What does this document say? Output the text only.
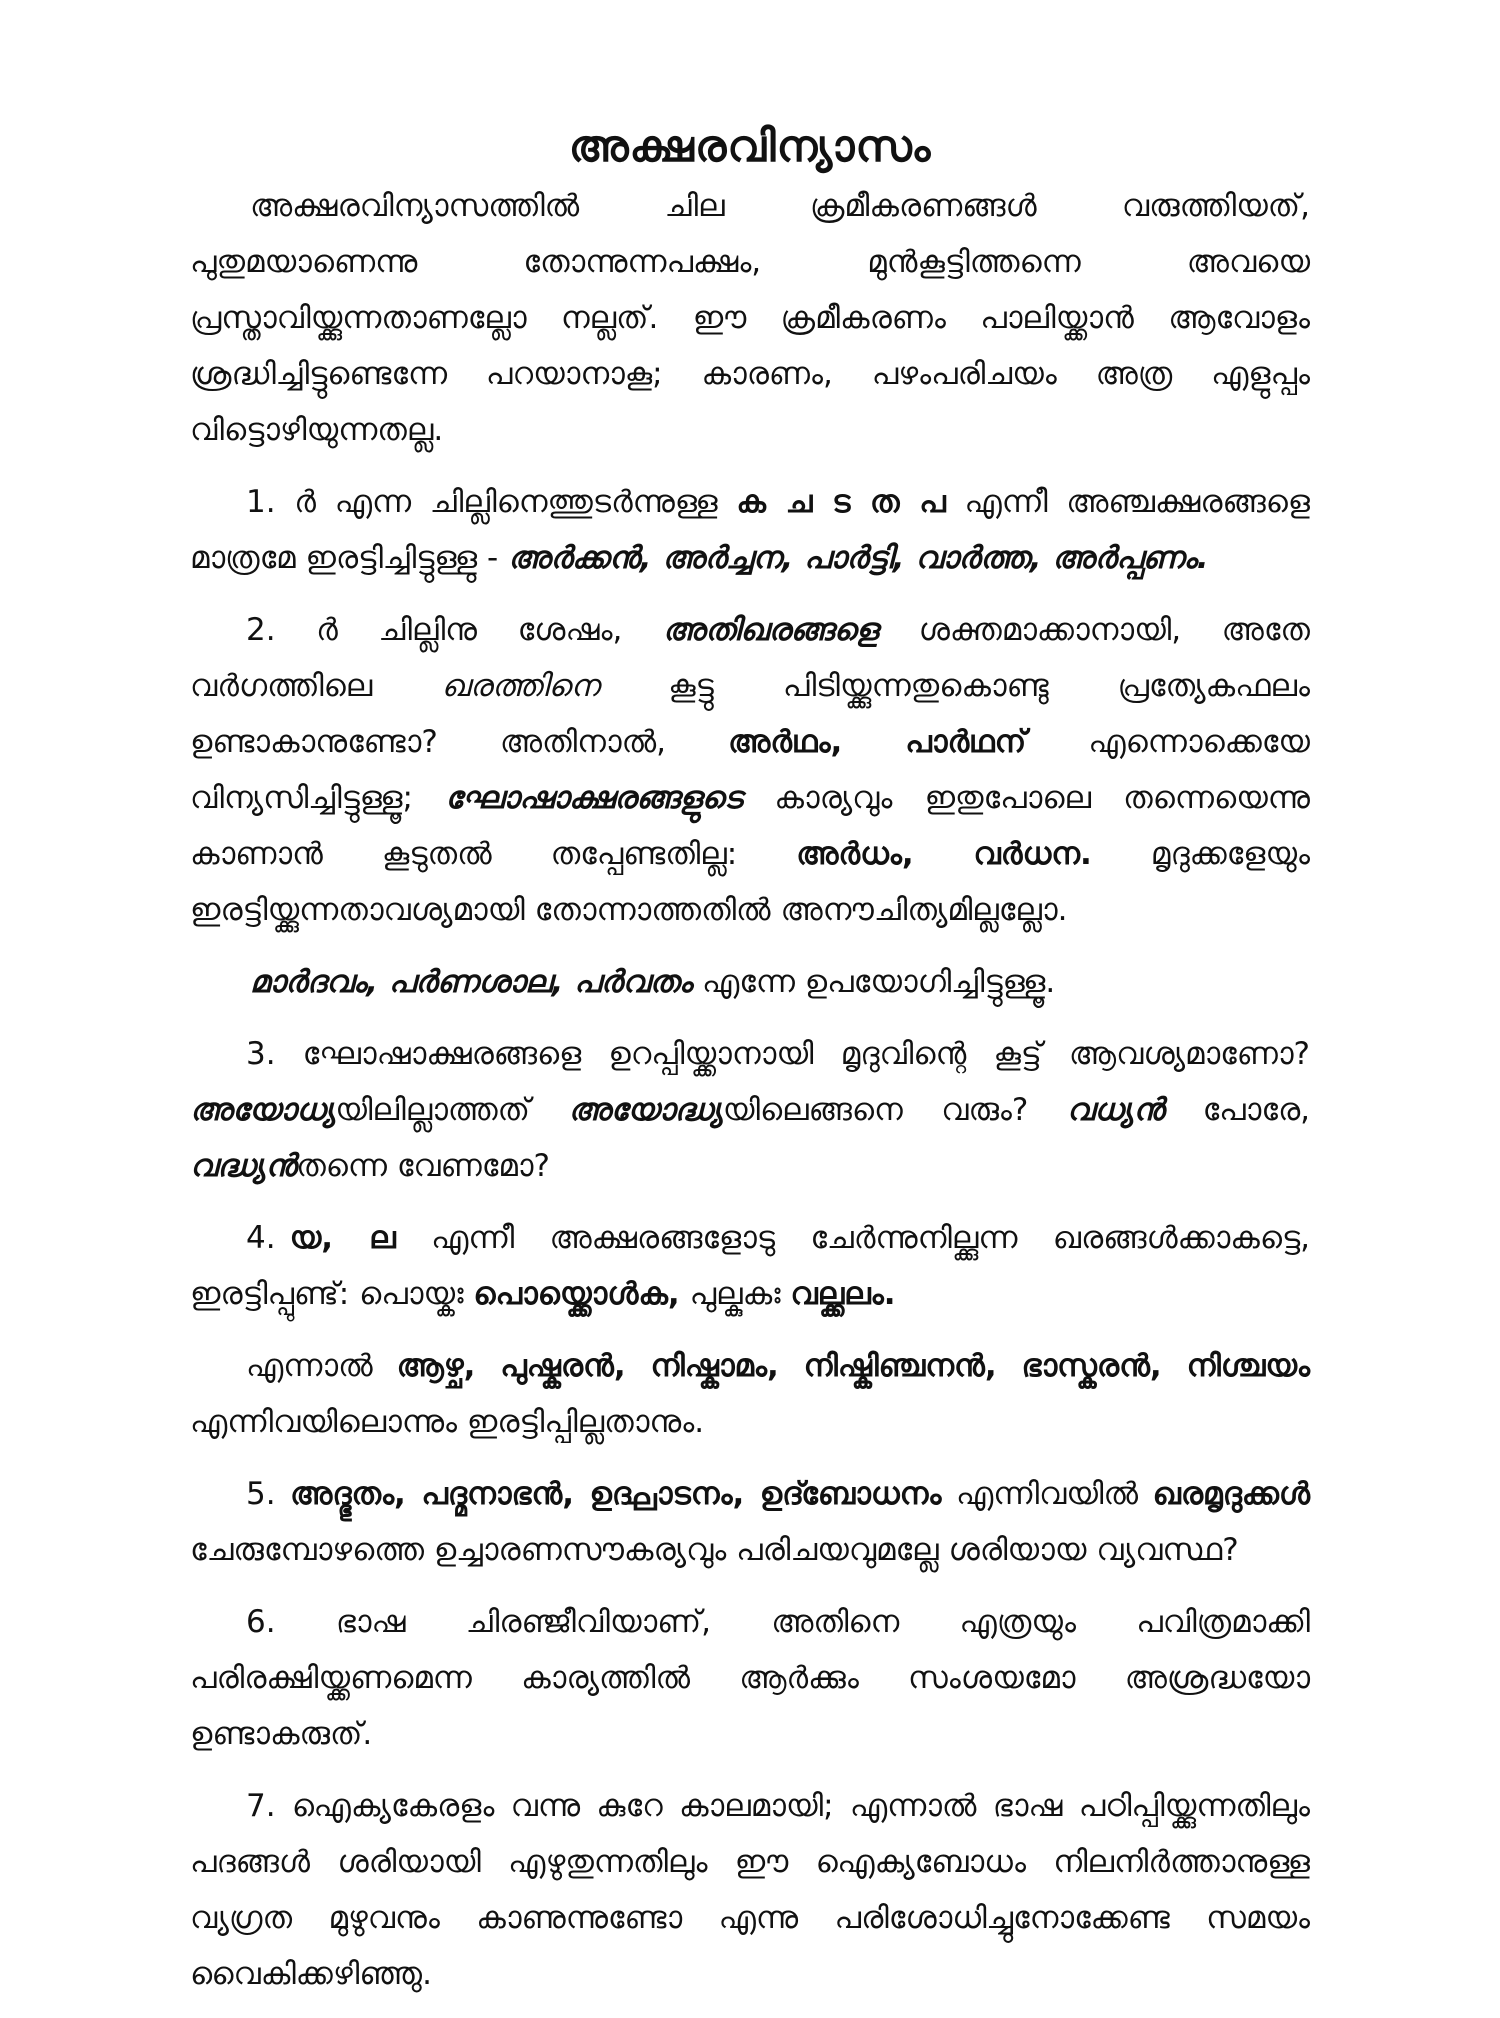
അക്ഷരവിന്യാസം

അക്ഷരവിന്യാസത്തിൽ ചില ക്രമീകരണങ്ങൾ വരുത്തിയത്, പുതുമയാണെന്നു തോന്നുന്നപക്ഷം, മുൻകൂട്ടിത്തന്നെ അവയെ പ്രസ്താവിയ്ക്കുന്നതാണല്ലോ നല്ലത്. ഈ ക്രമീകരണം പാലിയ്ക്കാൻ ആവോളം ശ്രദ്ധിച്ചിട്ടുണ്ടെന്നേ പറയാനാകൂ; കാരണം, പഴംപരിചയം അത്ര എളുപ്പം വിട്ടൊഴിയുന്നതല്ല.

1. ർ എന്ന ചില്ലിനെത്തുടർന്നുള്ള ക ച ട ത പ എന്നീ അഞ്ചക്ഷരങ്ങളെ മാത്രമേ ഇരട്ടിച്ചിട്ടുള്ളു - അർക്കൻ, അർച്ചന, പാർട്ടി, വാർത്ത, അർപ്പണം.

2. ർ ചില്ലിനു ശേഷം, അതിഖരങ്ങളെ ശക്തമാക്കാനായി, അതേ വർഗത്തിലെ ഖരത്തിനെ കൂട്ടു പിടിയ്ക്കുന്നതുകൊണ്ടു പ്രത്യേകഫലം ഉണ്ടാകാനുണ്ടോ? അതിനാൽ, അർഥം, പാർഥന് എന്നൊക്കെയേ വിന്യസിച്ചിട്ടുള്ളൂ; ഘോഷാക്ഷരങ്ങളുടെ കാര്യവും ഇതുപോലെ തന്നെയെന്നു കാണാൻ കൂടുതൽ തപ്പേണ്ടതില്ല: അർധം, വർധന. മൃദുക്കളേയും ഇരട്ടിയ്ക്കുന്നതാവശ്യമായി തോന്നാത്തതിൽ അനൗചിത്യമില്ലല്ലോ.

മാർദവം, പർണശാല, പർവതം എന്നേ ഉപയോഗിച്ചിട്ടുള്ളൂ.

3. ഘോഷാക്ഷരങ്ങളെ ഉറപ്പിയ്ക്കാനായി മൃദുവിന്റെ കൂട്ട് ആവശ്യമാണോ? അയോധ്യയിലില്ലാത്തത് അയോദ്ധ്യയിലെങ്ങനെ വരും? വധ്യൻ പോരേ, വദ്ധ്യൻതന്നെ വേണമോ?

4. യ, ല എന്നീ അക്ഷരങ്ങളോടു ചേർന്നുനില്ക്കുന്ന ഖരങ്ങൾക്കാകട്ടെ, ഇരട്ടിപ്പുണ്ട്: പൊയ്കഃ പൊയ്ക്കൊൾക, പുല്കുകഃ വല്ക്കലം.

എന്നാൽ ആഴ്ച, പുഷ്കരൻ, നിഷ്കാമം, നിഷ്കിഞ്ചനൻ, ഭാസ്കരൻ, നിശ്ചയം എന്നിവയിലൊന്നും ഇരട്ടിപ്പില്ലതാനും.

5. അദ്ഭുതം, പദ്മനാഭൻ, ഉദ്ഘാടനം, ഉദ്ബോധനം എന്നിവയിൽ ഖരമൃദുക്കൾ ചേരുമ്പോഴത്തെ ഉച്ചാരണസൗകര്യവും പരിചയവുമല്ലേ ശരിയായ വ്യവസ്ഥ?

6. ഭാഷ ചിരഞ്ജീവിയാണ്, അതിനെ എത്രയും പവിത്രമാക്കി പരിരക്ഷിയ്ക്കണമെന്ന കാര്യത്തിൽ ആർക്കും സംശയമോ അശ്രദ്ധയോ ഉണ്ടാകരുത്.

7. ഐക്യകേരളം വന്നു കുറേ കാലമായി; എന്നാൽ ഭാഷ പഠിപ്പിയ്ക്കുന്നതിലും പദങ്ങൾ ശരിയായി എഴുതുന്നതിലും ഈ ഐക്യബോധം നിലനിർത്താനുള്ള വ്യഗ്രത മുഴുവനും കാണുന്നുണ്ടോ എന്നു പരിശോധിച്ചുനോക്കേണ്ട സമയം വൈകിക്കഴിഞ്ഞു.
